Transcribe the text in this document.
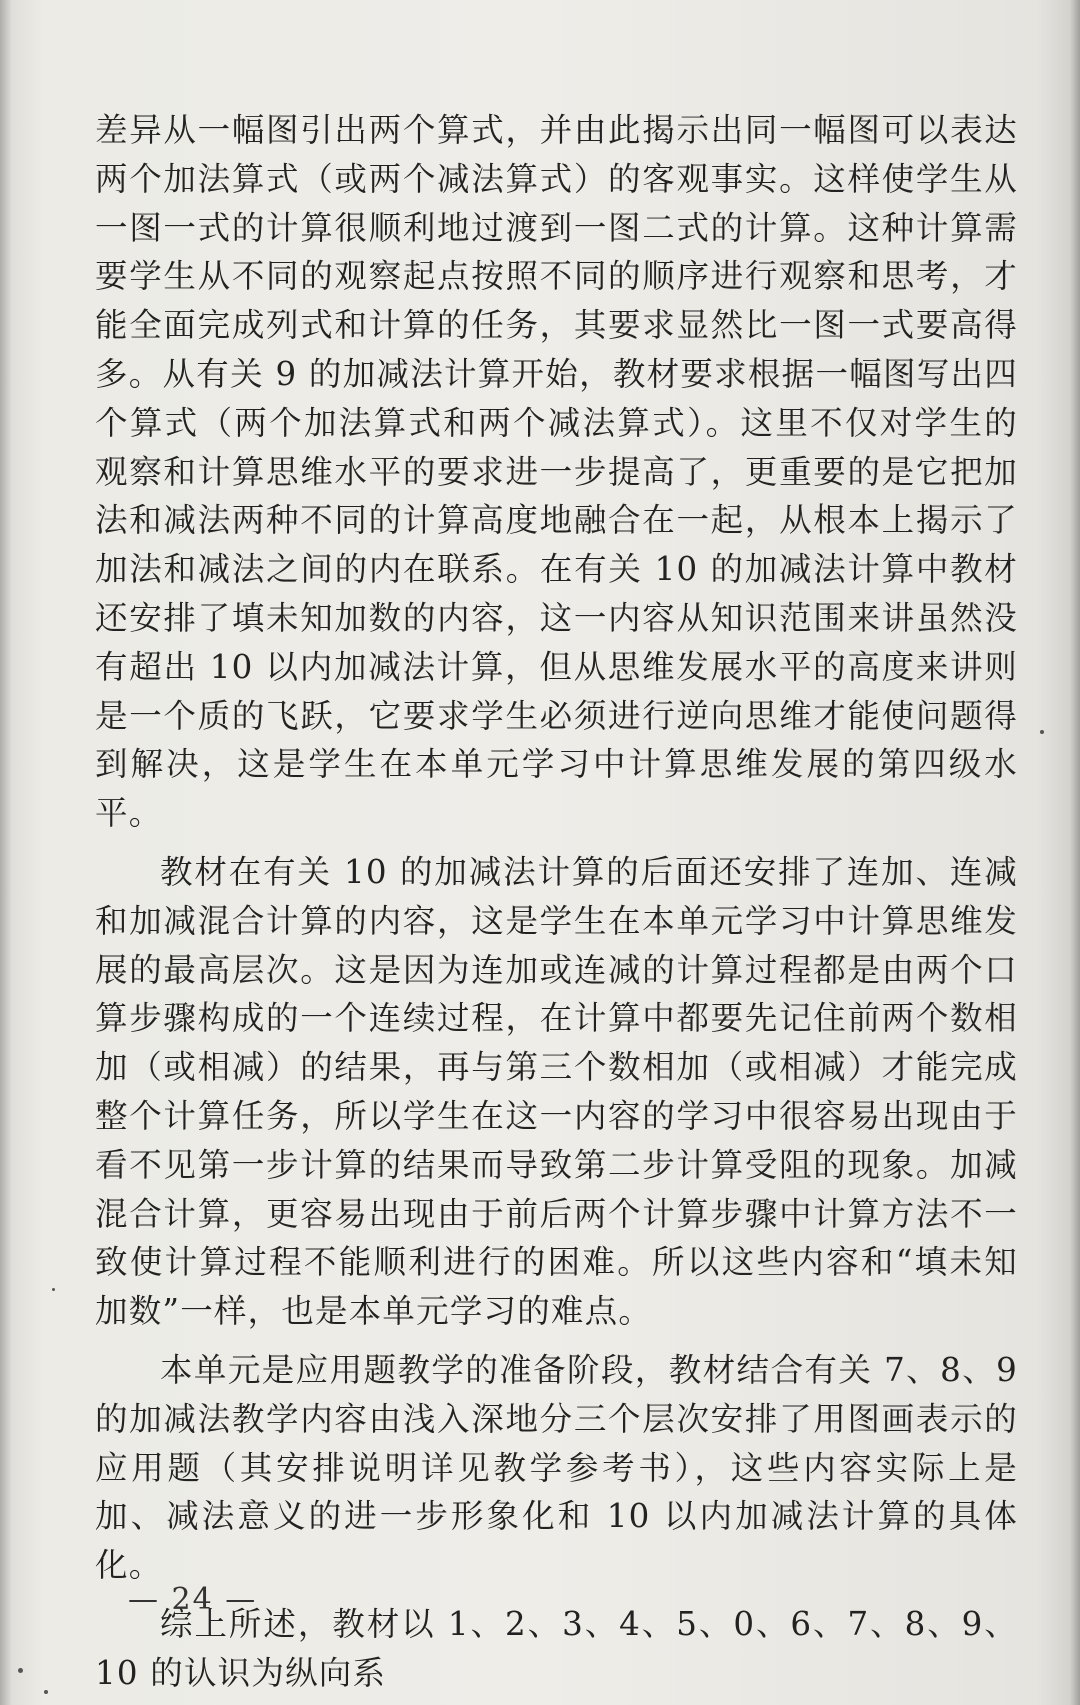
差异从一幅图引出两个算式，并由此揭示出同一幅图可以表达两个加法算式（或两个减法算式）的客观事实。这样使学生从一图一式的计算很顺利地过渡到一图二式的计算。这种计算需要学生从不同的观察起点按照不同的顺序进行观察和思考，才能全面完成列式和计算的任务，其要求显然比一图一式要高得多。从有关 9 的加减法计算开始，教材要求根据一幅图写出四个算式（两个加法算式和两个减法算式）。这里不仅对学生的观察和计算思维水平的要求进一步提高了，更重要的是它把加法和减法两种不同的计算高度地融合在一起，从根本上揭示了加法和减法之间的内在联系。在有关 10 的加减法计算中教材还安排了填未知加数的内容，这一内容从知识范围来讲虽然没有超出 10 以内加减法计算，但从思维发展水平的高度来讲则是一个质的飞跃，它要求学生必须进行逆向思维才能使问题得到解决，这是学生在本单元学习中计算思维发展的第四级水平。

教材在有关 10 的加减法计算的后面还安排了连加、连减和加减混合计算的内容，这是学生在本单元学习中计算思维发展的最高层次。这是因为连加或连减的计算过程都是由两个口算步骤构成的一个连续过程，在计算中都要先记住前两个数相加（或相减）的结果，再与第三个数相加（或相减）才能完成整个计算任务，所以学生在这一内容的学习中很容易出现由于看不见第一步计算的结果而导致第二步计算受阻的现象。加减混合计算，更容易出现由于前后两个计算步骤中计算方法不一致使计算过程不能顺利进行的困难。所以这些内容和“填未知加数”一样，也是本单元学习的难点。

本单元是应用题教学的准备阶段，教材结合有关 7、8、9 的加减法教学内容由浅入深地分三个层次安排了用图画表示的应用题（其安排说明详见教学参考书），这些内容实际上是加、减法意义的进一步形象化和 10 以内加减法计算的具体化。

综上所述，教材以 1、2、3、4、5、0、6、7、8、9、10 的认识为纵向系

— 24 —
